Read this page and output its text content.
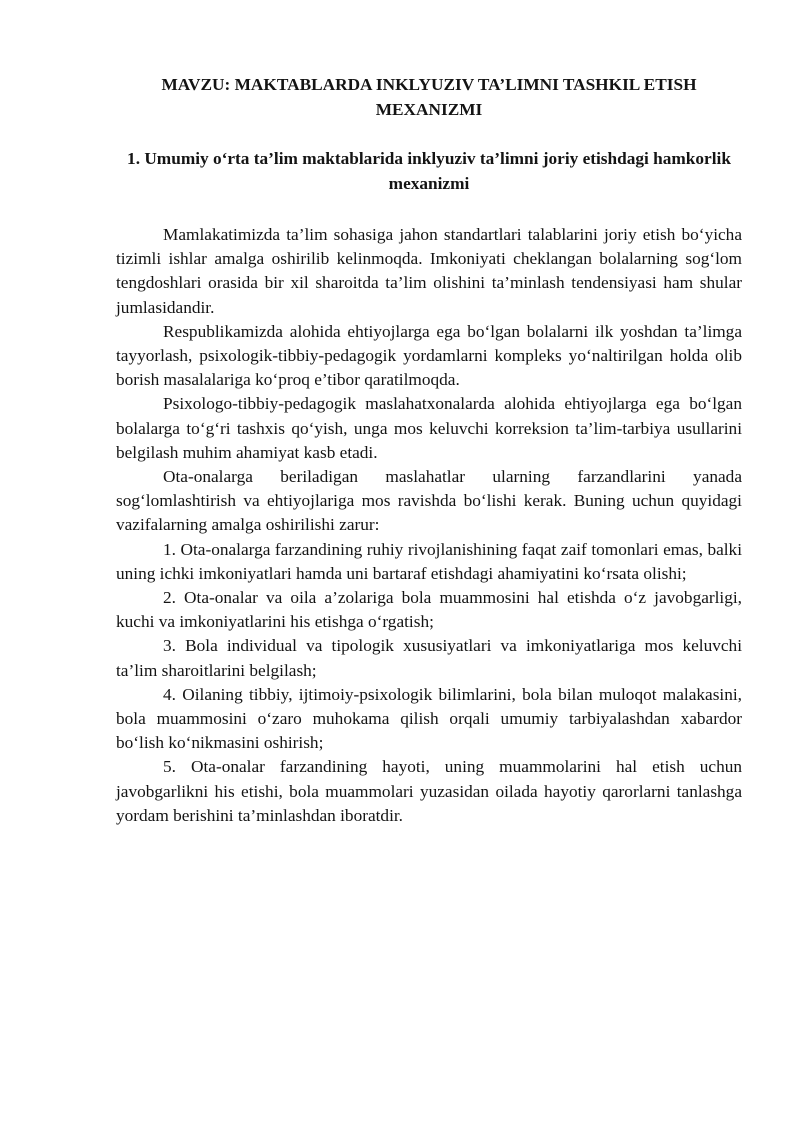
MAVZU: MAKTABLARDA INKLYUZIV TA’LIMNI TASHKIL ETISH MEXANIZMI
1. Umumiy o‘rta ta’lim maktablarida inklyuziv ta’limni joriy etishdagi hamkorlik mexanizmi

Mamlakatimizda ta’lim sohasiga jahon standartlari talablarini joriy etish bo‘yicha tizimli ishlar amalga oshirilib kelinmoqda. Imkoniyati cheklangan bolalarning sog‘lom tengdoshlari orasida bir xil sharoitda ta’lim olishini ta’minlash tendensiyasi ham shular jumlasidandir.

Respublikamizda alohida ehtiyojlarga ega bo‘lgan bolalarni ilk yoshdan ta’limga tayyorlash, psixologik-tibbiy-pedagogik yordamlarni kompleks yo‘naltirilgan holda olib borish masalalariga ko‘proq e’tibor qaratilmoqda.

Psixologo-tibbiy-pedagogik maslahatxonalarda alohida ehtiyojlarga ega bo‘lgan bolalarga to‘g‘ri tashxis qo‘yish, unga mos keluvchi korreksion ta’lim-tarbiya usullarini belgilash muhim ahamiyat kasb etadi.

Ota-onalarga beriladigan maslahatlar ularning farzandlarini yanada sog‘lomlashtirish va ehtiyojlariga mos ravishda bo‘lishi kerak. Buning uchun quyidagi vazifalarning amalga oshirilishi zarur:

1. Ota-onalarga farzandining ruhiy rivojlanishining faqat zaif tomonlari emas, balki uning ichki imkoniyatlari hamda uni bartaraf etishdagi ahamiyatini ko‘rsata olishi;

2. Ota-onalar va oila a’zolariga bola muammosini hal etishda o‘z javobgarligi, kuchi va imkoniyatlarini his etishga o‘rgatish;

3. Bola individual va tipologik xususiyatlari va imkoniyatlariga mos keluvchi ta’lim sharoitlarini belgilash;

4. Oilaning tibbiy, ijtimoiy-psixologik bilimlarini, bola bilan muloqot malakasini, bola muammosini o‘zaro muhokama qilish orqali umumiy tarbiyalashdan xabardor bo‘lish ko‘nikmasini oshirish;

5. Ota-onalar farzandining hayoti, uning muammolarini hal etish uchun javobgarlikni his etishi, bola muammolari yuzasidan oilada hayotiy qarorlarni tanlashga yordam berishini ta’minlashdan iboratdir.
